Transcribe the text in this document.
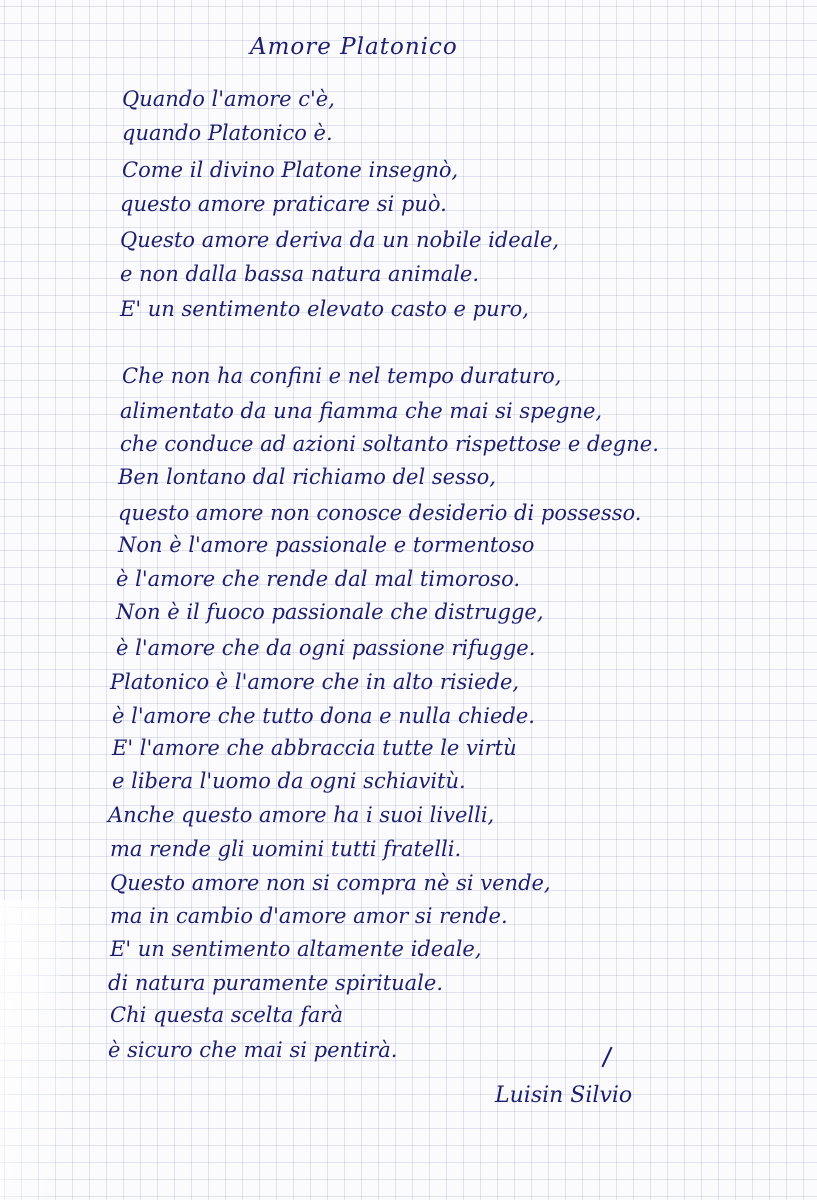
Amore Platonico
Quando l'amore c'è,
quando Platonico è.
Come il divino Platone insegnò,
questo amore praticare si può.
Questo amore deriva da un nobile ideale,
e non dalla bassa natura animale.
E' un sentimento elevato casto e puro,
Che non ha confini e nel tempo duraturo,
alimentato da una fiamma che mai si spegne,
che conduce ad azioni soltanto rispettose e degne.
Ben lontano dal richiamo del sesso,
questo amore non conosce desiderio di possesso.
Non è l'amore passionale e tormentoso
è l'amore che rende dal mal timoroso.
Non è il fuoco passionale che distrugge,
è l'amore che da ogni passione rifugge.
Platonico è l'amore che in alto risiede,
è l'amore che tutto dona e nulla chiede.
E' l'amore che abbraccia tutte le virtù
e libera l'uomo da ogni schiavitù.
Anche questo amore ha i suoi livelli,
ma rende gli uomini tutti fratelli.
Questo amore non si compra nè si vende,
ma in cambio d'amore amor si rende.
E' un sentimento altamente ideale,
di natura puramente spirituale.
Chi questa scelta farà
è sicuro che mai si pentirà.
Luisin Silvio
